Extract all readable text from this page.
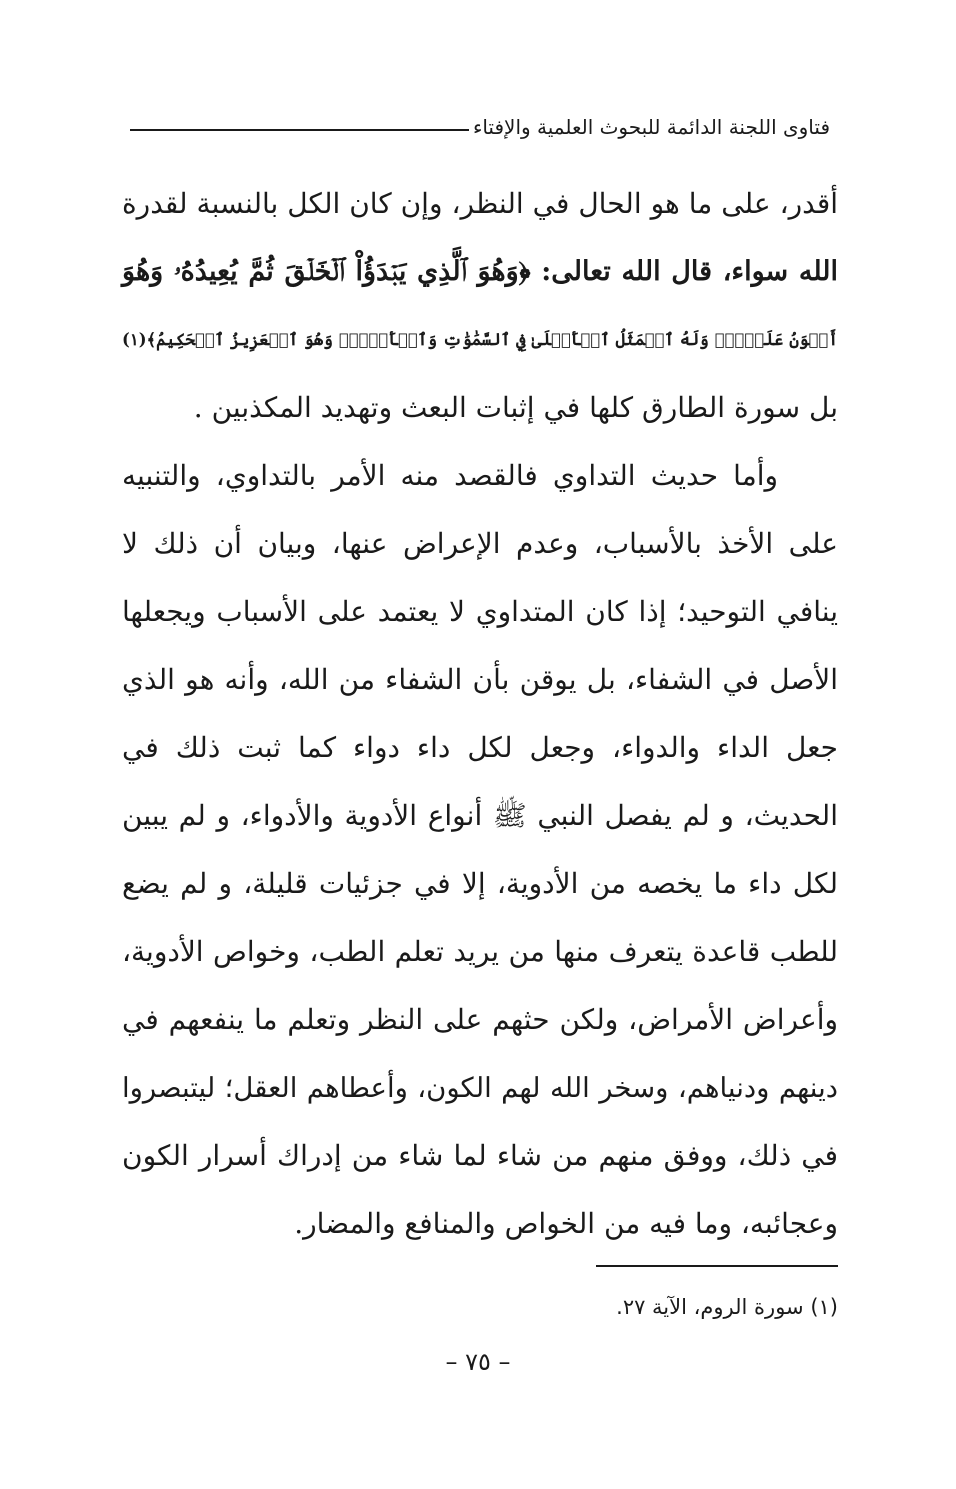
فتاوى اللجنة الدائمة للبحوث العلمية والإفتاء
أقدر، على ما هو الحال في النظر، وإن كان الكل بالنسبة لقدرة
الله سواء، قال الله تعالى: ﴿وَهُوَ ٱلَّذِي يَبۡدَؤُاْ ٱلۡخَلۡقَ ثُمَّ يُعِيدُهُۥ وَهُوَ
أَهۡوَنُ عَلَيۡهِۚ وَلَهُ ٱلۡمَثَلُ ٱلۡأَعۡلَىٰ فِي ٱلسَّمَٰوَٰتِ وَٱلۡأَرۡضِۚ وَهُوَ ٱلۡعَزِيزُ ٱلۡحَكِيمُ﴾(١)
بل سورة الطارق كلها في إثبات البعث وتهديد المكذبين .
وأما حديث التداوي فالقصد منه الأمر بالتداوي، والتنبيه
على الأخذ بالأسباب، وعدم الإعراض عنها، وبيان أن ذلك لا
ينافي التوحيد؛ إذا كان المتداوي لا يعتمد على الأسباب ويجعلها
الأصل في الشفاء، بل يوقن بأن الشفاء من الله، وأنه هو الذي
جعل الداء والدواء، وجعل لكل داء دواء كما ثبت ذلك في
الحديث، و لم يفصل النبي ﷺ أنواع الأدوية والأدواء، و لم يبين
لكل داء ما يخصه من الأدوية، إلا في جزئيات قليلة، و لم يضع
للطب قاعدة يتعرف منها من يريد تعلم الطب، وخواص الأدوية،
وأعراض الأمراض، ولكن حثهم على النظر وتعلم ما ينفعهم في
دينهم ودنياهم، وسخر الله لهم الكون، وأعطاهم العقل؛ ليتبصروا
في ذلك، ووفق منهم من شاء لما شاء من إدراك أسرار الكون
وعجائبه، وما فيه من الخواص والمنافع والمضار.
(١) سورة الروم، الآية ٢٧.
– ٧٥ –
